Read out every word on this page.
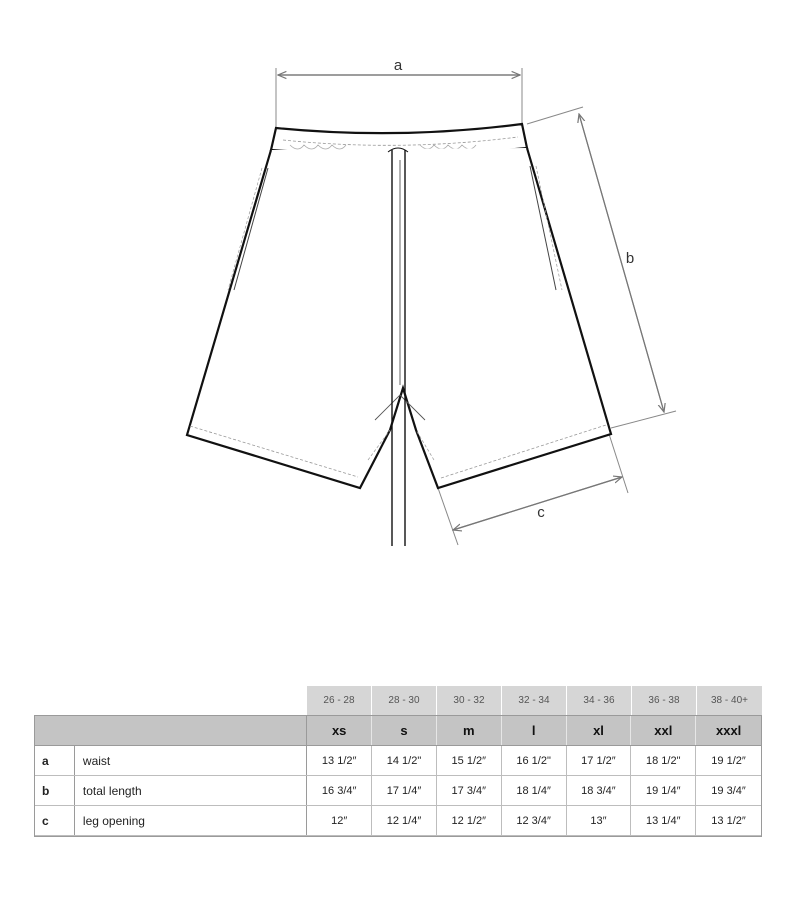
a
b
c
26 - 28	28 - 30	30 - 32	32 - 34	34 - 36	36 - 38	38 - 40+
xs	s	m	l	xl	xxl	xxxl
a	waist	13 1/2″	14 1/2"	15 1/2″	16 1/2"	17 1/2″	18 1/2"	19 1/2″
b	total length	16 3/4″	17 1/4″	17 3/4″	18 1/4″	18 3/4″	19 1/4″	19 3/4″
c	leg opening	12″	12 1/4″	12 1/2″	12 3/4″	13″	13 1/4″	13 1/2″
